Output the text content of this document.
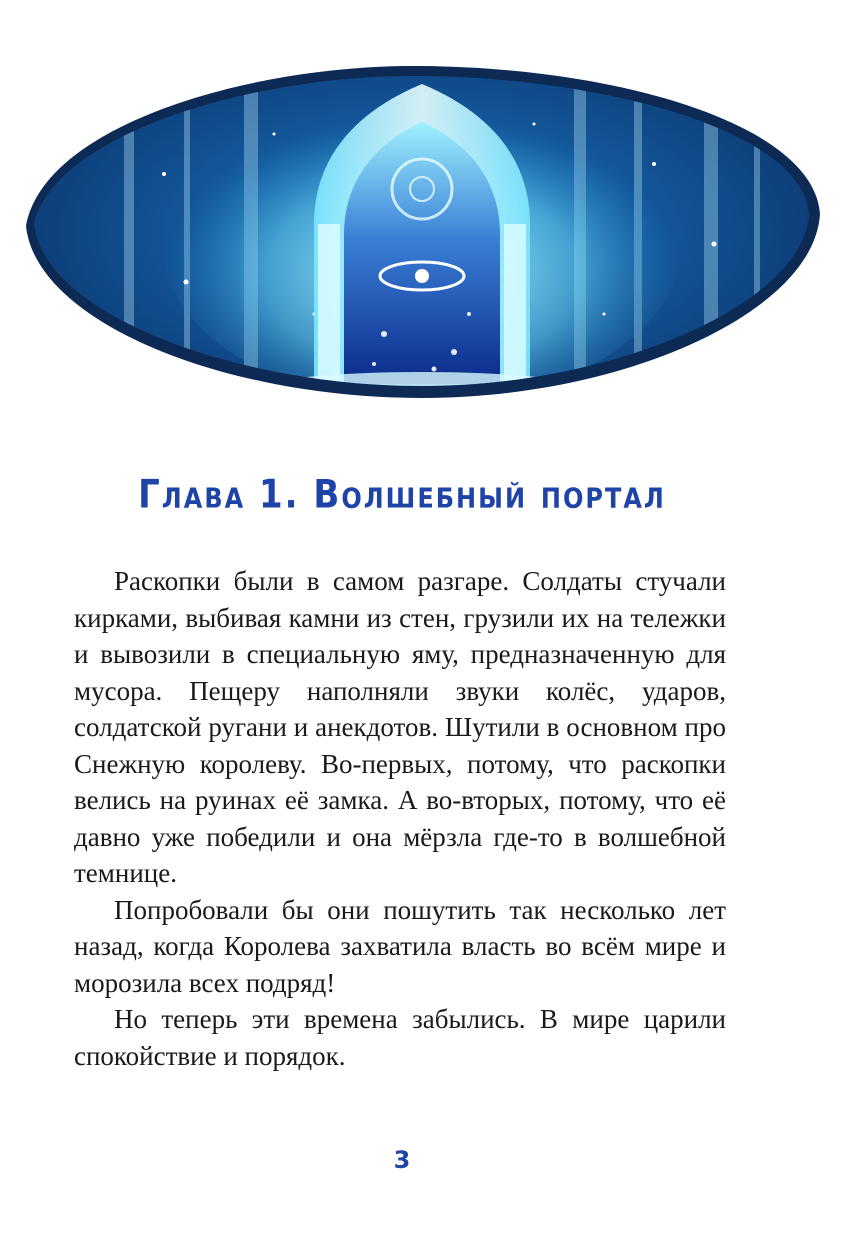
Глава 1. Волшебный портал

Раскопки были в самом разгаре. Солдаты стучали кирками, выбивая камни из стен, грузили их на тележки и вывозили в специальную яму, предназначенную для мусора. Пещеру наполняли звуки колёс, ударов, солдатской ругани и анекдотов. Шутили в основном про Снежную королеву. Во-первых, потому, что раскопки велись на руинах её замка. А во-вторых, потому, что её давно уже победили и она мёрзла где-то в волшебной темнице.

Попробовали бы они пошутить так несколько лет назад, когда Королева захватила власть во всём мире и морозила всех подряд!

Но теперь эти времена забылись. В мире царили спокойствие и порядок.

3
